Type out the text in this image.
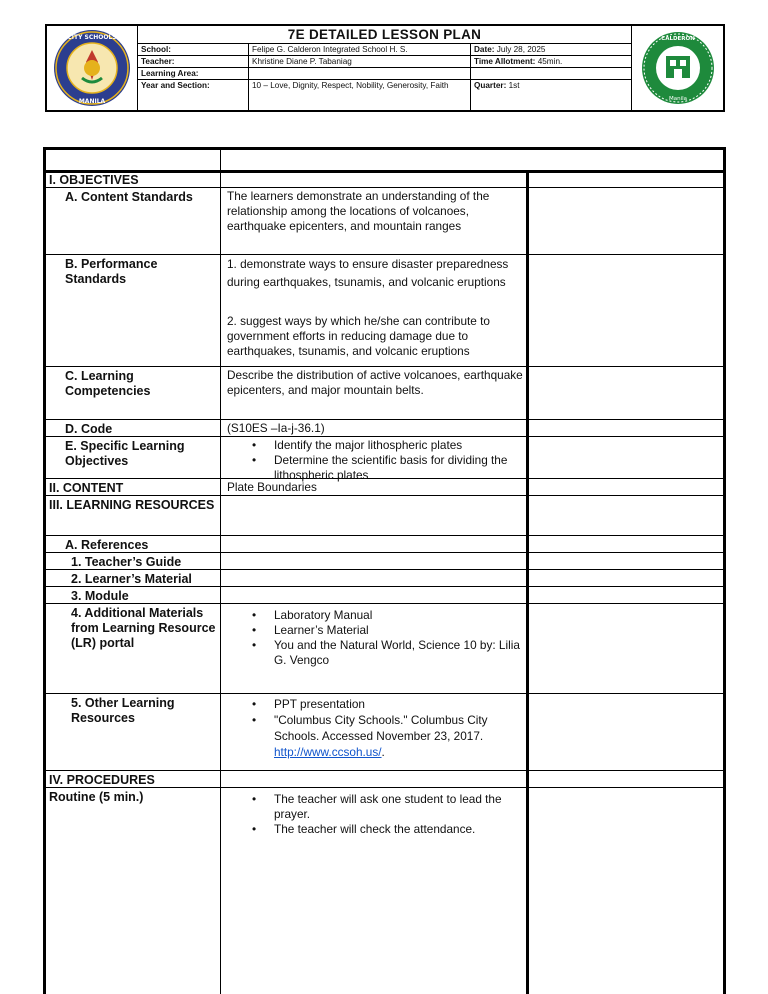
CITY SCHOOLS
MANILA
7E DETAILED LESSON PLAN
School:	Felipe G. Calderon Integrated School H. S.	Date: July 28, 2025
Teacher:	Khristine Diane P. Tabaniag	Time Allotment: 45min.
Learning Area:
Year and Section:	10 – Love, Dignity, Respect, Nobility, Generosity, Faith	Quarter: 1st
CALDERON
Manila
I. OBJECTIVES
A. Content Standards	The learners demonstrate an understanding of the relationship among the locations of volcanoes, earthquake epicenters, and mountain ranges
B. Performance Standards
1. demonstrate ways to ensure disaster preparedness during earthquakes, tsunamis, and volcanic eruptions
2. suggest ways by which he/she can contribute to government efforts in reducing damage due to earthquakes, tsunamis, and volcanic eruptions
C. Learning Competencies
Describe the distribution of active volcanoes, earthquake epicenters, and major mountain belts.
D. Code	(S10ES –Ia-j-36.1)
E. Specific Learning Objectives
• Identify the major lithospheric plates
• Determine the scientific basis for dividing the lithospheric plates
II. CONTENT	Plate Boundaries
III. LEARNING RESOURCES
A. References
1. Teacher’s Guide
2. Learner’s Material
3. Module
4. Additional Materials from Learning Resource (LR) portal
• Laboratory Manual
• Learner’s Material
• You and the Natural World, Science 10 by: Lilia G. Vengco
5. Other Learning Resources
• PPT presentation
• "Columbus City Schools." Columbus City Schools. Accessed November 23, 2017. http://www.ccsoh.us/.
IV. PROCEDURES
Routine (5 min.)
•	The teacher will ask one student to lead the prayer.
• The teacher will check the attendance.
